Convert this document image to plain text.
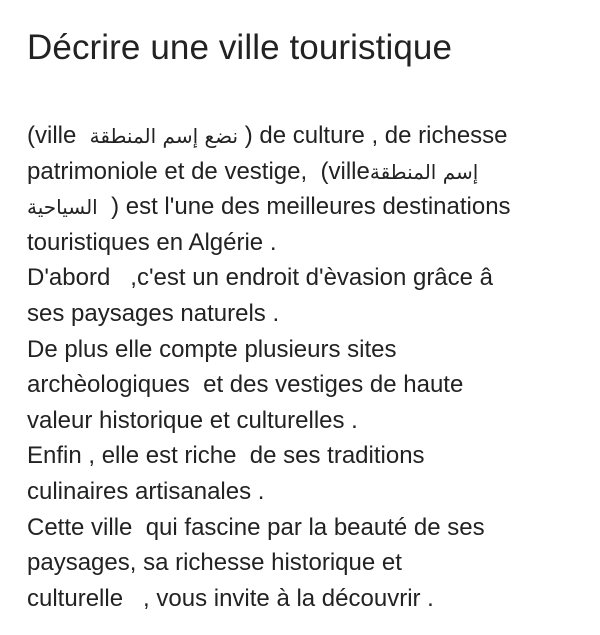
Décrire une ville touristique
(ville  نضع إسم المنطقة ) de culture , de richesse
patrimoniole et de vestige,  (villeإسم المنطقة
السياحية  ) est l'une des meilleures destinations
touristiques en Algérie .
D'abord   ,c'est un endroit d'èvasion grâce â
ses paysages naturels .
De plus elle compte plusieurs sites
archèologiques  et des vestiges de haute
valeur historique et culturelles .
Enfin , elle est riche  de ses traditions
culinaires artisanales .
Cette ville  qui fascine par la beauté de ses
paysages, sa richesse historique et
culturelle   , vous invite à la découvrir .
